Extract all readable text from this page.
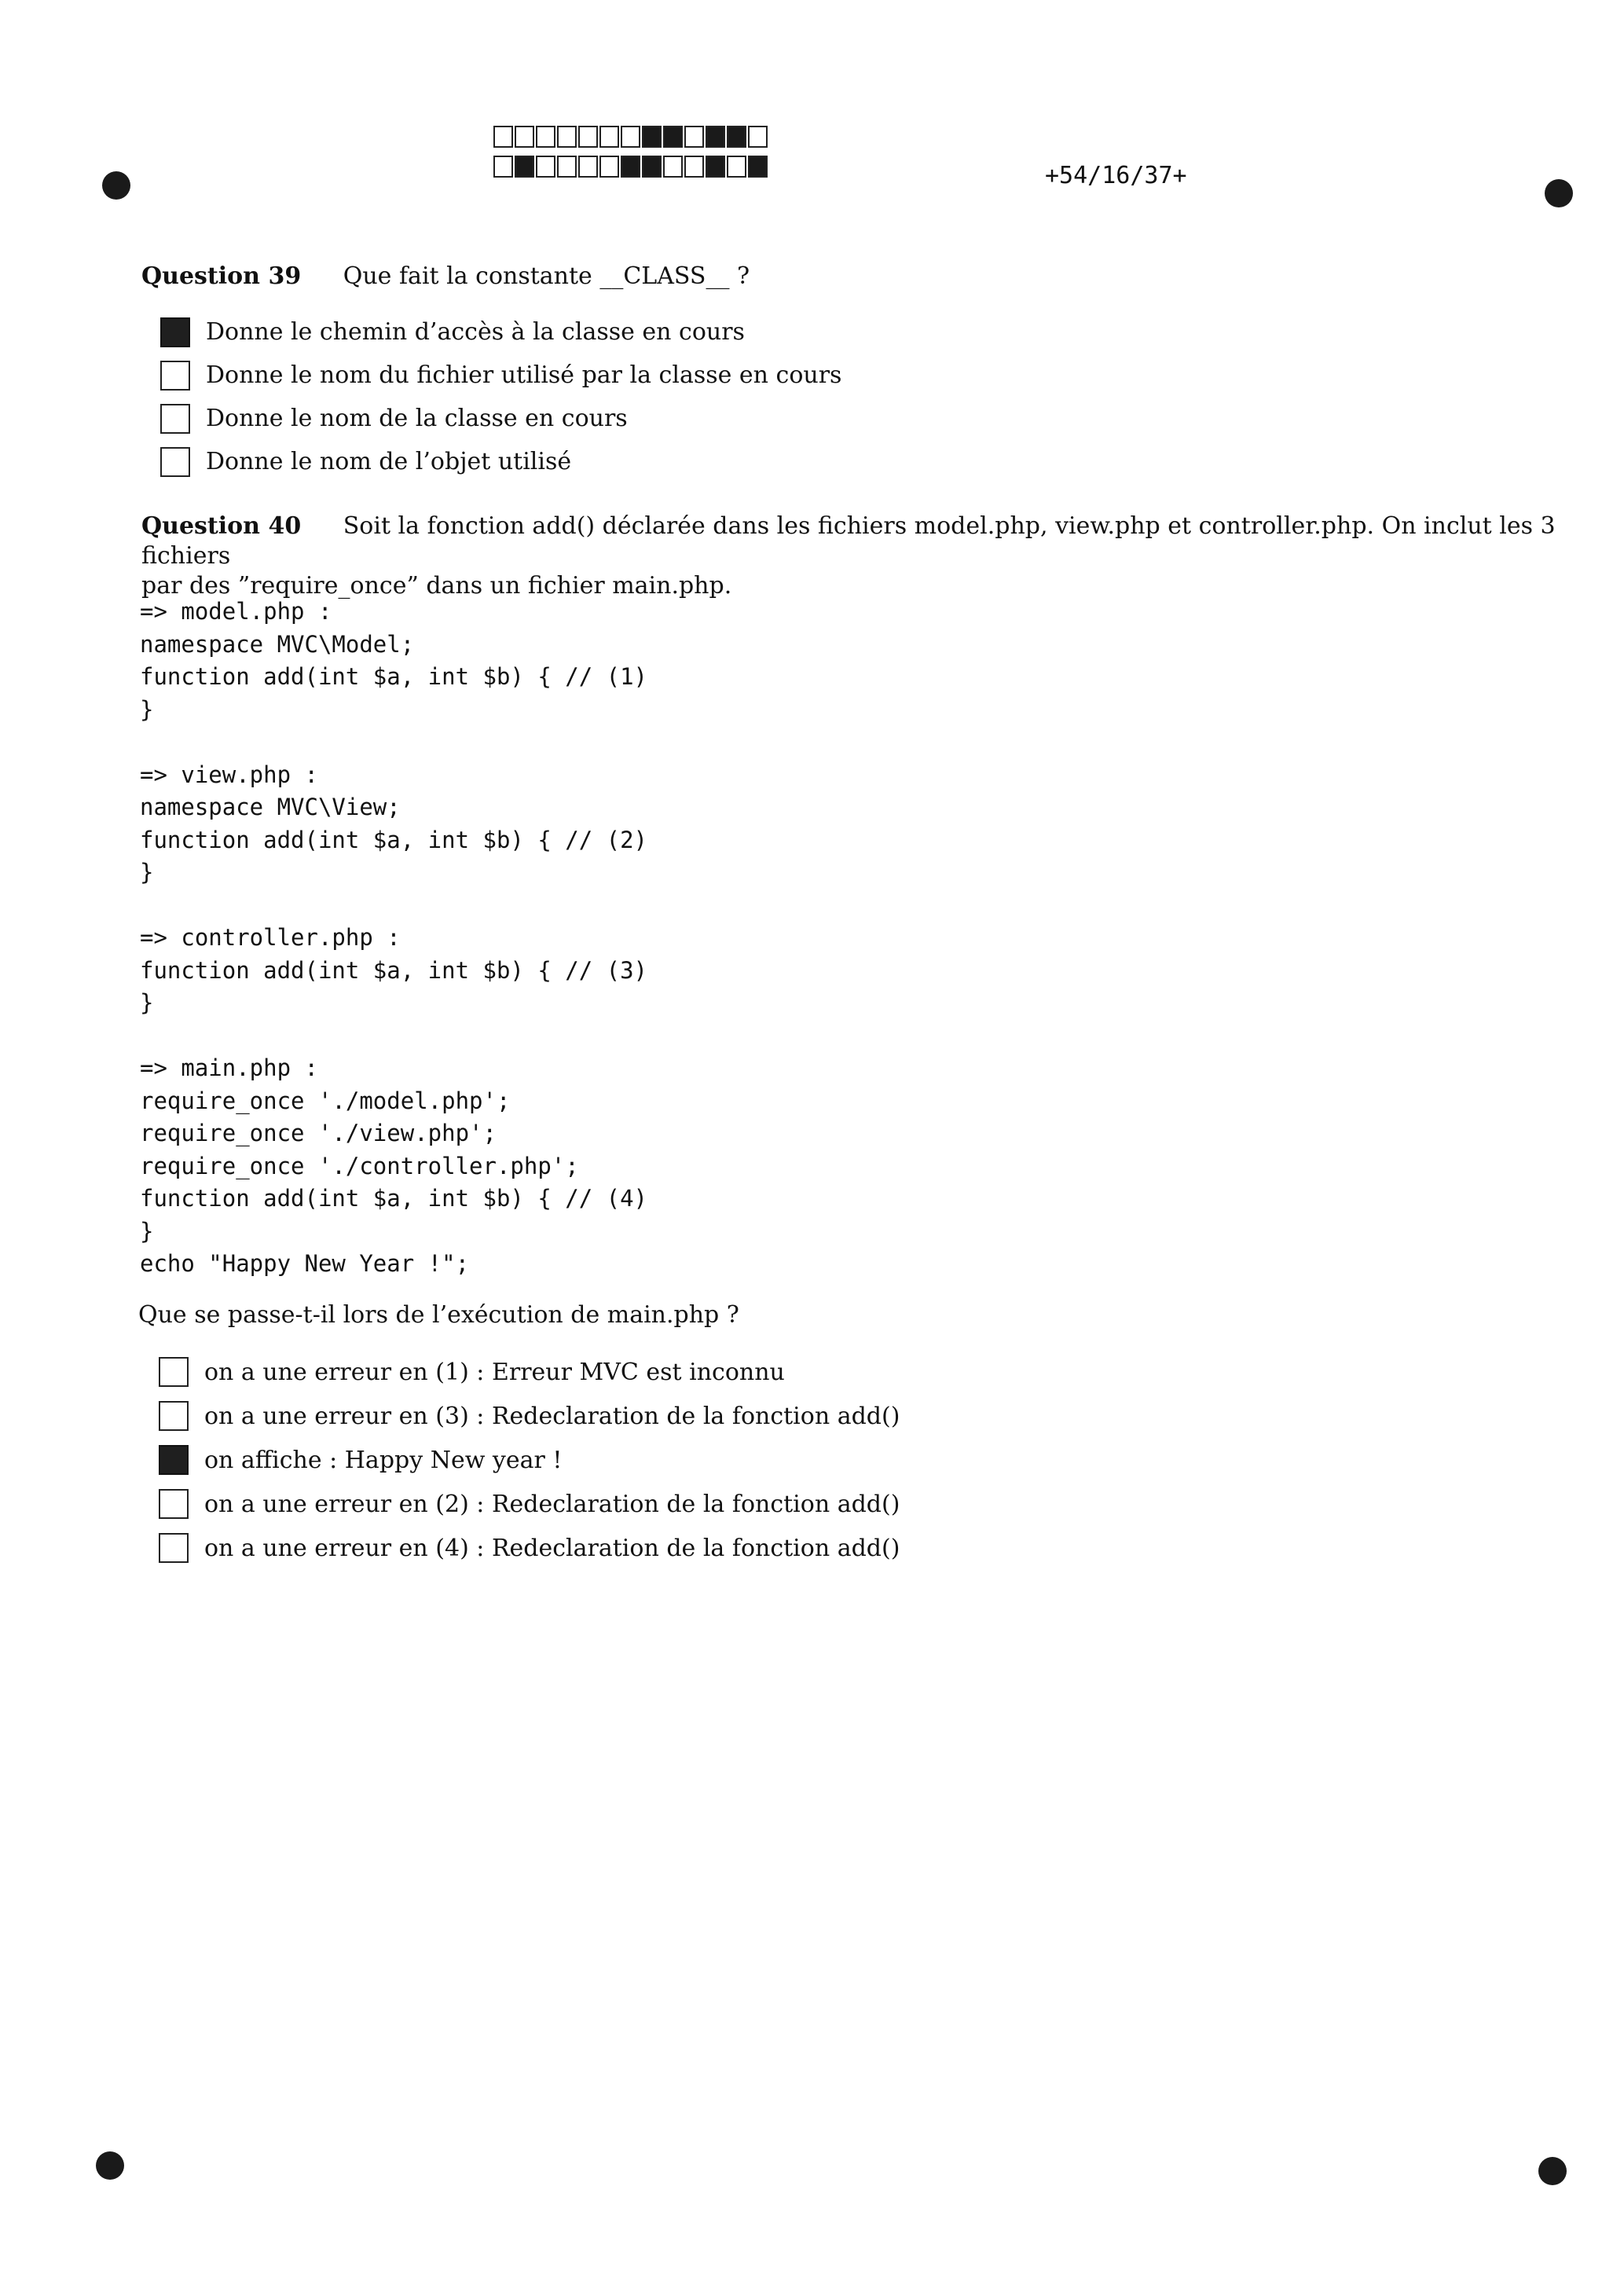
+54/16/37+
Question 39 Que fait la constante __CLASS__ ?
Donne le chemin d’accès à la classe en cours
Donne le nom du fichier utilisé par la classe en cours
Donne le nom de la classe en cours
Donne le nom de l’objet utilisé
Question 40 Soit la fonction add() déclarée dans les fichiers model.php, view.php et controller.php. On inclut les 3 fichiers
par des ”require_once” dans un fichier main.php.
=> model.php :
namespace MVC\Model;
function add(int $a, int $b) { // (1)
}
=> view.php :
namespace MVC\View;
function add(int $a, int $b) { // (2)
}
=> controller.php :
function add(int $a, int $b) { // (3)
}
=> main.php :
require_once './model.php';
require_once './view.php';
require_once './controller.php';
function add(int $a, int $b) { // (4)
}
echo "Happy New Year !";
Que se passe-t-il lors de l’exécution de main.php ?
on a une erreur en (1) : Erreur MVC est inconnu
on a une erreur en (3) : Redeclaration de la fonction add()
on affiche : Happy New year !
on a une erreur en (2) : Redeclaration de la fonction add()
on a une erreur en (4) : Redeclaration de la fonction add()
